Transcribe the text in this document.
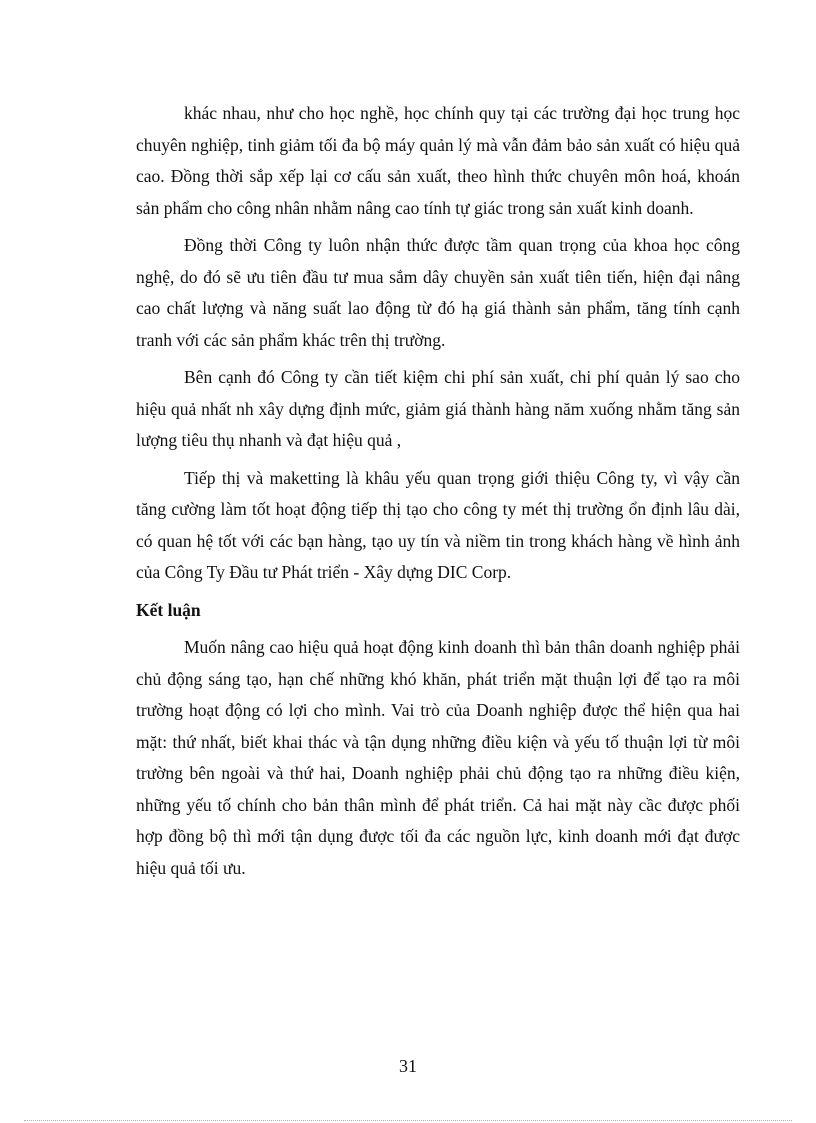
khác nhau, như cho học nghề, học chính quy tại các trường đại học trung học chuyên nghiệp, tinh giảm tối đa bộ máy quản lý mà vẫn đảm bảo sản xuất có hiệu quả cao. Đồng thời sắp xếp lại cơ cấu sản xuất, theo hình thức chuyên môn hoá, khoán sản phẩm cho công nhân nhằm nâng cao tính tự giác trong sản xuất kinh doanh.

Đồng thời Công ty luôn nhận thức được tầm quan trọng của khoa học công nghệ, do đó sẽ ưu tiên đầu tư mua sắm dây chuyền sản xuất tiên tiến, hiện đại nâng cao chất lượng và năng suất lao động từ đó hạ giá thành sản phẩm, tăng tính cạnh tranh với các sản phẩm khác trên thị trường.

Bên cạnh đó Công ty cần tiết kiệm chi phí sản xuất, chi phí quản lý sao cho hiệu quả nhất nh xây dựng định mức, giảm giá thành hàng năm xuống nhằm tăng sản lượng tiêu thụ nhanh và đạt hiệu quả ,

Tiếp thị và maketting là khâu yếu quan trọng giới thiệu Công ty, vì vậy cần tăng cường làm tốt hoạt động tiếp thị tạo cho công ty mét thị trường ổn định lâu dài, có quan hệ tốt với các bạn hàng, tạo uy tín và niềm tin trong khách hàng về hình ảnh của Công Ty Đầu tư Phát triển - Xây dựng DIC Corp.

Kết luận

Muốn nâng cao hiệu quả hoạt động kinh doanh thì bản thân doanh nghiệp phải chủ động sáng tạo, hạn chế những khó khăn, phát triển mặt thuận lợi để tạo ra môi trường hoạt động có lợi cho mình. Vai trò của Doanh nghiệp được thể hiện qua hai mặt: thứ nhất, biết khai thác và tận dụng những điều kiện và yếu tố thuận lợi từ môi trường bên ngoài và thứ hai, Doanh nghiệp phải chủ động tạo ra những điều kiện, những yếu tố chính cho bản thân mình để phát triển. Cả hai mặt này cầc được phối hợp đồng bộ thì mới tận dụng được tối đa các nguồn lực, kinh doanh mới đạt được hiệu quả tối ưu.

31
